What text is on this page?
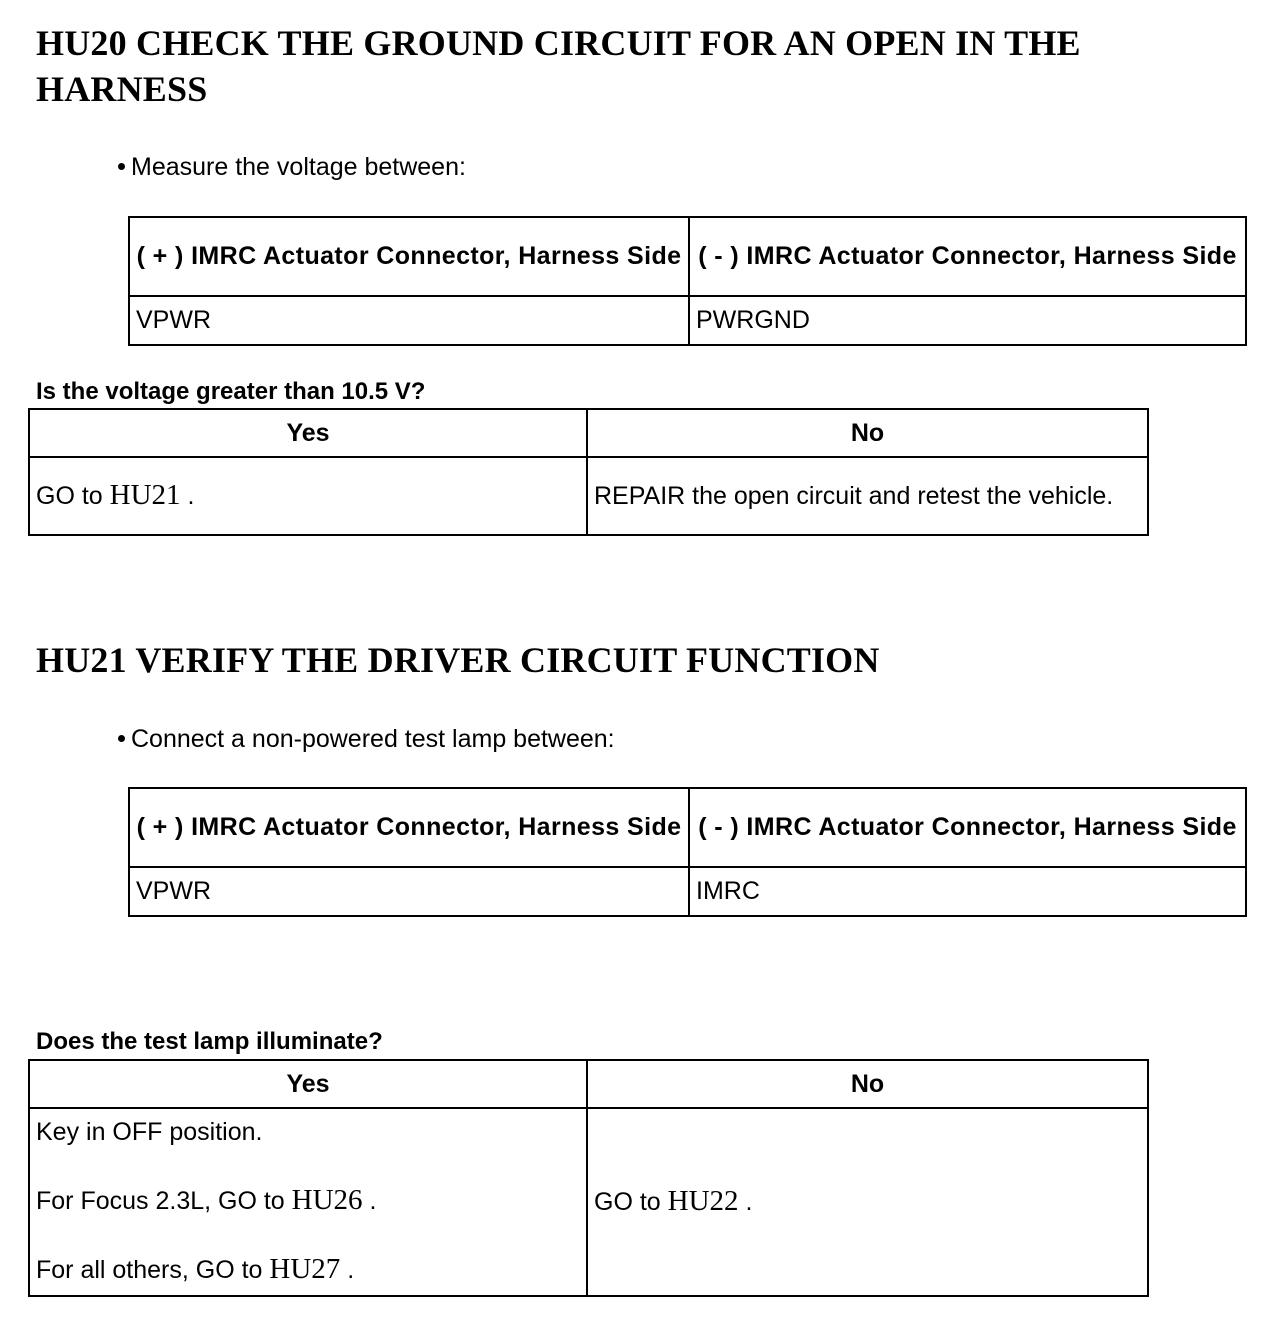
HU20 CHECK THE GROUND CIRCUIT FOR AN OPEN IN THE
HARNESS
Measure the voltage between:
( + ) IMRC Actuator Connector, Harness Side	( - ) IMRC Actuator Connector, Harness Side
VPWR	PWRGND
Is the voltage greater than 10.5 V?
Yes	No
GO to HU21 .	REPAIR the open circuit and retest the vehicle.
HU21 VERIFY THE DRIVER CIRCUIT FUNCTION
Connect a non-powered test lamp between:
( + ) IMRC Actuator Connector, Harness Side	( - ) IMRC Actuator Connector, Harness Side
VPWR	IMRC
Does the test lamp illuminate?
Yes	No

Key in OFF position.
For Focus 2.3L, GO to HU26 .
For all others, GO to HU27 .	GO to HU22 .
